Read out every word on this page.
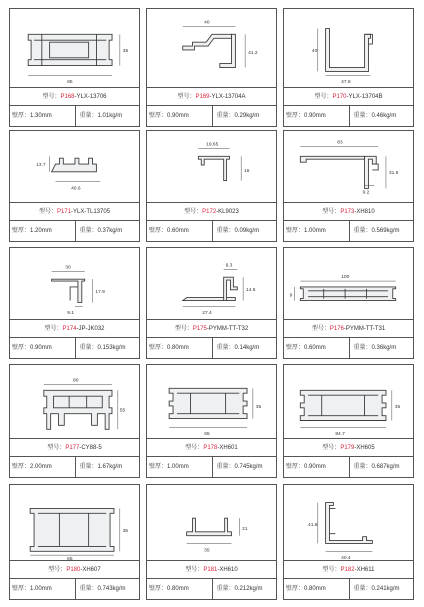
85
35
型号：P168-YLX-13706
壁厚：1.30mm	重量：1.01kg/m
40
41.2
型号：P169-YLX-13704A
壁厚：0.90mm	重量：0.29kg/m
47.8
40
型号：P170-YLX-13704B
壁厚：0.90mm	重量：0.46kg/m
40.6
13.7
型号：P171-YLX-TL13705
壁厚：1.20mm	重量：0.37kg/m
19.65
16
型号：P172-KL9023
壁厚：0.60mm	重量：0.09kg/m
83
31.5
9.2
型号：P173-XH810
壁厚：1.00mm	重量：0.569kg/m
30
17.9
9.1
型号：P174-JP-JK032
壁厚：0.90mm	重量：0.153kg/m
9.3
14.5
27.4
型号：P175-PYMM-TT-T32
壁厚：0.80mm	重量：0.14kg/m
100
9
型号：P176-PYMM-TT-T31
壁厚：0.60mm	重量：0.36kg/m
80
55
型号：P177-CY88-5
壁厚：2.00mm	重量：1.67kg/m
65
35
型号：P178-XH601
壁厚：1.00mm	重量：0.745kg/m
84.7
35
型号：P179-XH605
壁厚：0.90mm	重量：0.687kg/m
65
35
型号：P180-XH607
壁厚：1.00mm	重量：0.743kg/m
35
21
型号：P181-XH610
壁厚：0.80mm	重量：0.212kg/m
40.4
41.8
型号：P182-XH611
壁厚：0.80mm	重量：0.241kg/m
